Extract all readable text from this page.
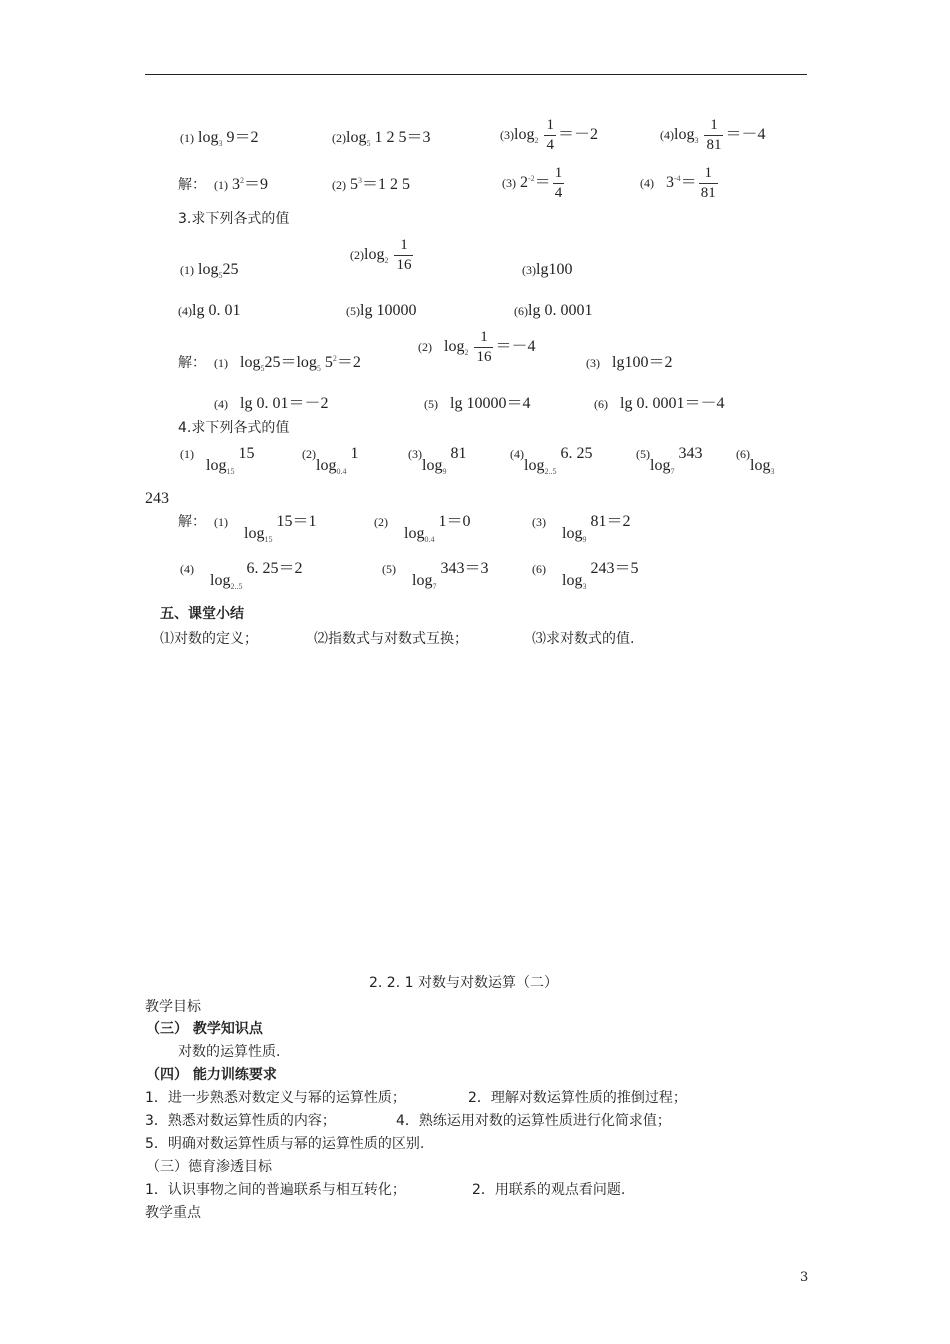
(1) $\log_3 9=2$	$(2)\log_5$ 1 2 5＝3	$(3)\log_2 \frac{1}{4} =-2$	$(4)\log_3 \frac{1}{81} =-4$
解： (1) $3^2=9$	(2) $5^3=1$ 2 5	(3) $2^{-2}= \frac{1}{4}$	(4) $3^{-4}= \frac{1}{81}$
3.求下列各式的值
(1) $\log_525$
$(2)\log_2 \frac{1}{16}$	(3)lg100
(4)lg 0. 01	(5)lg 10000	(6)lg 0. 0001
解： (1) $\log_525=\log_5$ $5^2=2$
(2) $\log_2 \frac{1}{16} =-4$
(3) lg100＝2
(4) lg 0. 01＝－2	(5) lg 10000＝4	(6) lg 0. 0001＝－4
4.求下列各式的值
(1)   $\log_{15} 15$	$(2)\log_{0.4}$ 1	$(3)\log_9$ 81	$(4)\log_{2..5}$ 6. 25	$(5)\log_7$ 343	$(6)\log_3$
243
解： (1)    $\log_{15} 15=1$	(2)    $\log_{0.4} 1=0$	(3)    $\log_9 81=2$
(4)    $\log_{2..5} 6$. 25＝2	(5)    $\log_7 343=3$	(6)    $\log_3 243=5$
五、课堂小结
⑴对数的定义；	⑵指数式与对数式互换；	⑶求对数式的值.
2. 2. 1 对数与对数运算（二）
教学目标
（三） 教学知识点
对数的运算性质.
（四） 能力训练要求
1．进一步熟悉对数定义与幂的运算性质；	2．理解对数运算性质的推倒过程；
3．熟悉对数运算性质的内容；	4．熟练运用对数的运算性质进行化简求值；
5．明确对数运算性质与幂的运算性质的区别.
（三）德育渗透目标
1．认识事物之间的普遍联系与相互转化；	2．用联系的观点看问题.
教学重点
3
